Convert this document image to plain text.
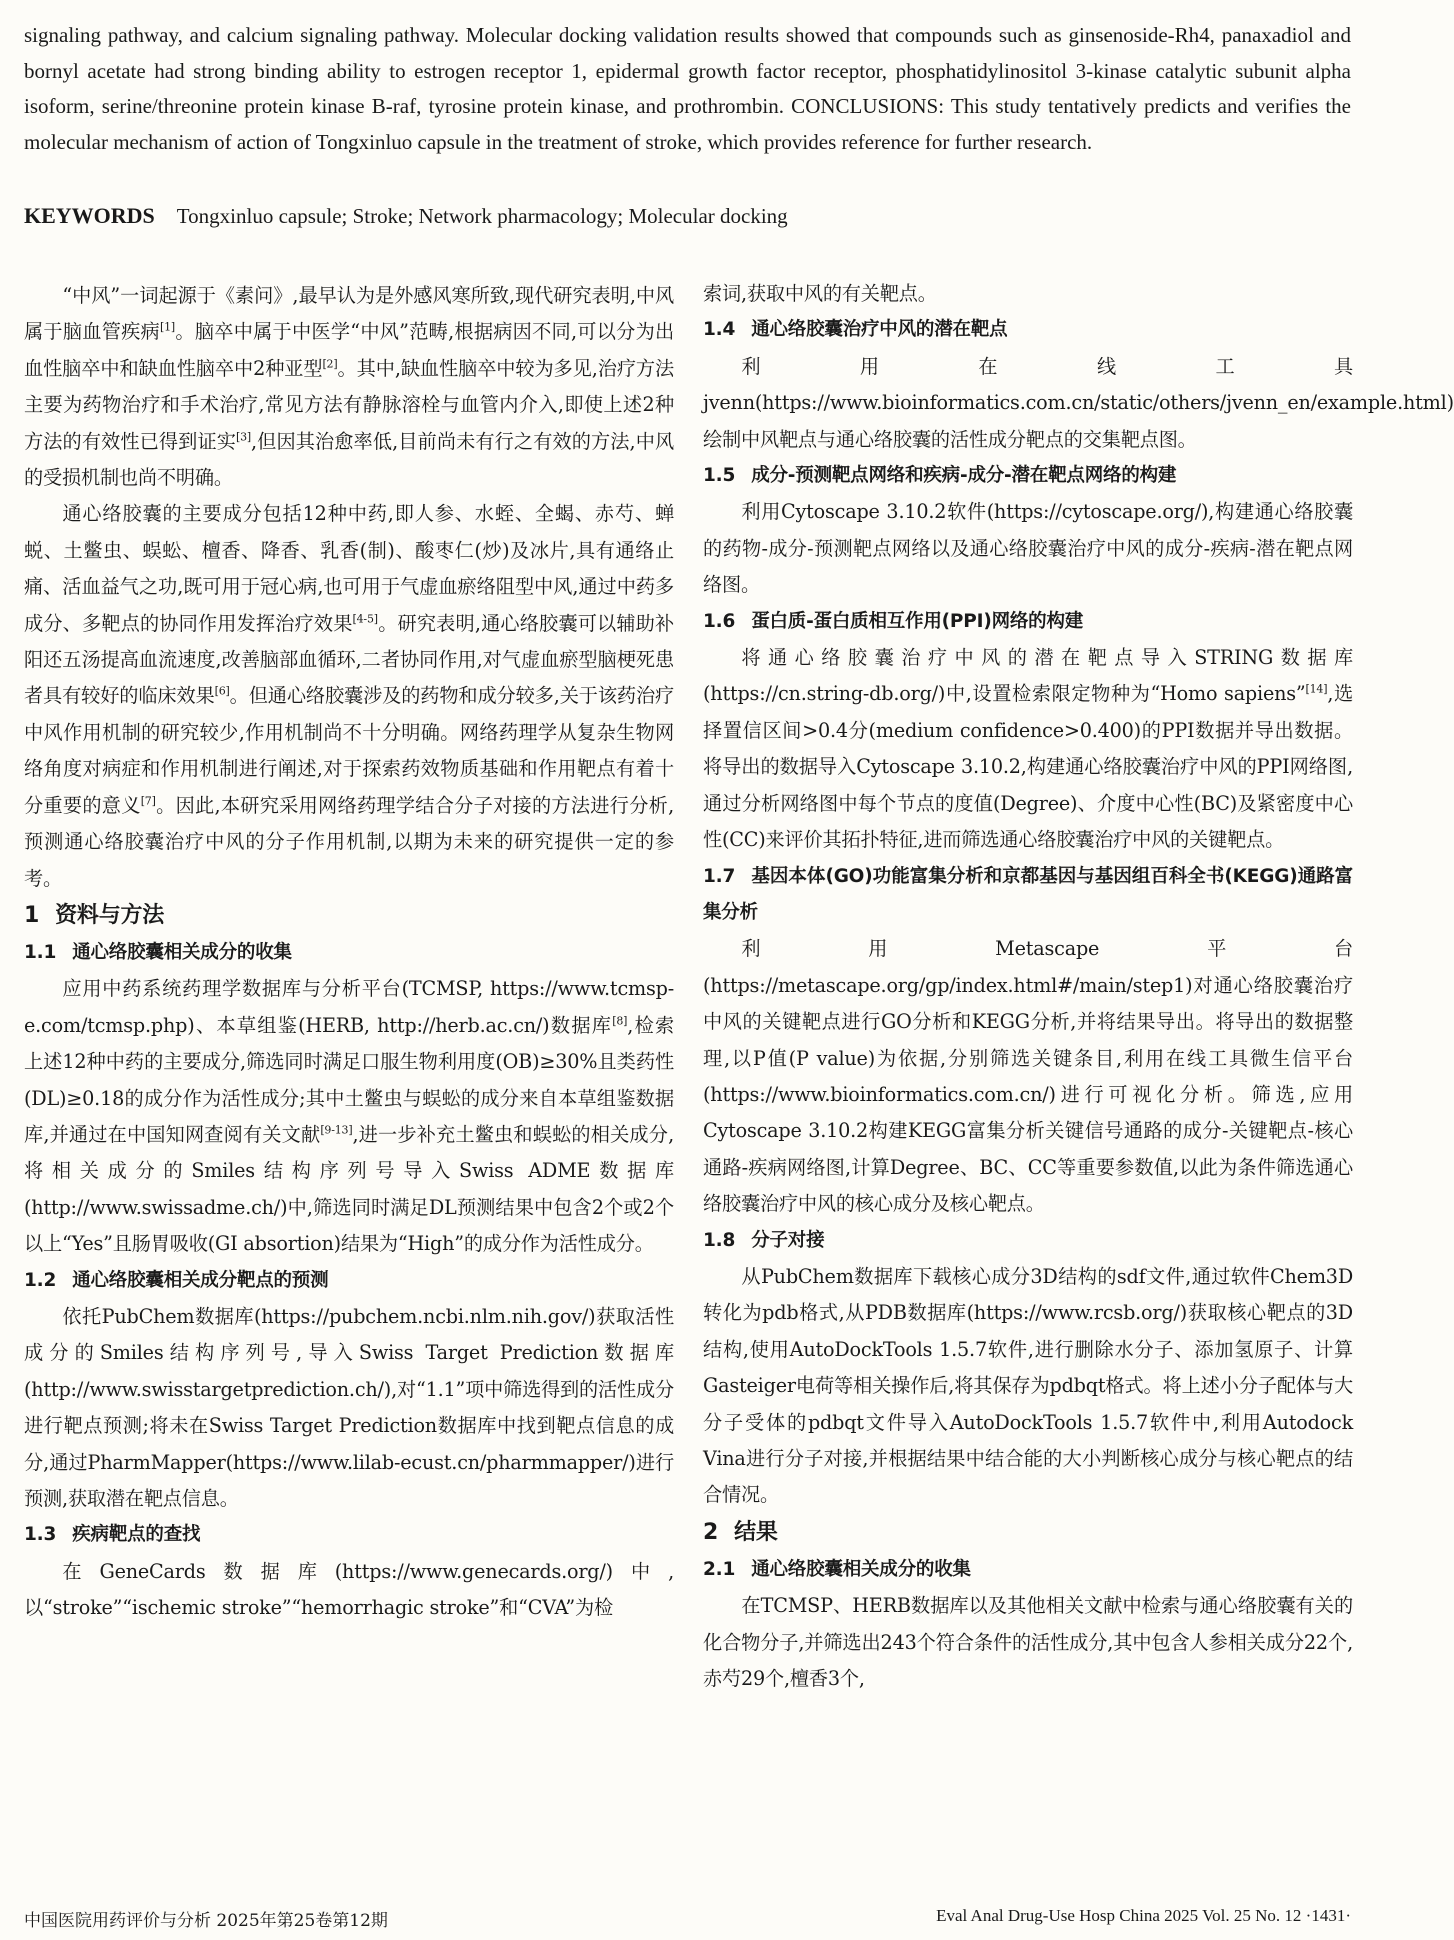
signaling pathway, and calcium signaling pathway. Molecular docking validation results showed that compounds such as ginsenoside-Rh4, panaxadiol and bornyl acetate had strong binding ability to estrogen receptor 1, epidermal growth factor receptor, phosphatidylinositol 3-kinase catalytic subunit alpha isoform, serine/threonine protein kinase B-raf, tyrosine protein kinase, and prothrombin. CONCLUSIONS: This study tentatively predicts and verifies the molecular mechanism of action of Tongxinluo capsule in the treatment of stroke, which provides reference for further research.
KEYWORDS Tongxinluo capsule; Stroke; Network pharmacology; Molecular docking

“中风”一词起源于《素问》,最早认为是外感风寒所致,现代研究表明,中风属于脑血管疾病[1]。脑卒中属于中医学“中风”范畴,根据病因不同,可以分为出血性脑卒中和缺血性脑卒中2种亚型[2]。其中,缺血性脑卒中较为多见,治疗方法主要为药物治疗和手术治疗,常见方法有静脉溶栓与血管内介入,即使上述2种方法的有效性已得到证实[3],但因其治愈率低,目前尚未有行之有效的方法,中风的受损机制也尚不明确。

通心络胶囊的主要成分包括12种中药,即人参、水蛭、全蝎、赤芍、蝉蜕、土鳖虫、蜈蚣、檀香、降香、乳香(制)、酸枣仁(炒)及冰片,具有通络止痛、活血益气之功,既可用于冠心病,也可用于气虚血瘀络阻型中风,通过中药多成分、多靶点的协同作用发挥治疗效果[4-5]。研究表明,通心络胶囊可以辅助补阳还五汤提高血流速度,改善脑部血循环,二者协同作用,对气虚血瘀型脑梗死患者具有较好的临床效果[6]。但通心络胶囊涉及的药物和成分较多,关于该药治疗中风作用机制的研究较少,作用机制尚不十分明确。网络药理学从复杂生物网络角度对病症和作用机制进行阐述,对于探索药效物质基础和作用靶点有着十分重要的意义[7]。因此,本研究采用网络药理学结合分子对接的方法进行分析,预测通心络胶囊治疗中风的分子作用机制,以期为未来的研究提供一定的参考。

1 资料与方法
1.1 通心络胶囊相关成分的收集

应用中药系统药理学数据库与分析平台(TCMSP, https://www.tcmsp-e.com/tcmsp.php)、本草组鉴(HERB, http://herb.ac.cn/)数据库[8],检索上述12种中药的主要成分,筛选同时满足口服生物利用度(OB)≥30%且类药性(DL)≥0.18的成分作为活性成分;其中土鳖虫与蜈蚣的成分来自本草组鉴数据库,并通过在中国知网查阅有关文献[9-13],进一步补充土鳖虫和蜈蚣的相关成分,将相关成分的Smiles结构序列号导入Swiss ADME数据库(http://www.swissadme.ch/)中,筛选同时满足DL预测结果中包含2个或2个以上“Yes”且肠胃吸收(GI absortion)结果为“High”的成分作为活性成分。

1.2 通心络胶囊相关成分靶点的预测

依托PubChem数据库(https://pubchem.ncbi.nlm.nih.gov/)获取活性成分的Smiles结构序列号,导入Swiss Target Prediction数据库(http://www.swisstargetprediction.ch/),对“1.1”项中筛选得到的活性成分进行靶点预测;将未在Swiss Target Prediction数据库中找到靶点信息的成分,通过PharmMapper(https://www.lilab-ecust.cn/pharmmapper/)进行预测,获取潜在靶点信息。

1.3 疾病靶点的查找

在GeneCards数据库(https://www.genecards.org/)中,以“stroke”“ischemic stroke”“hemorrhagic stroke”和“CVA”为检

索词,获取中风的有关靶点。

1.4 通心络胶囊治疗中风的潜在靶点

利用在线工具jvenn(https://www.bioinformatics.com.cn/static/others/jvenn_en/example.html)绘制中风靶点与通心络胶囊的活性成分靶点的交集靶点图。

1.5 成分-预测靶点网络和疾病-成分-潜在靶点网络的构建

利用Cytoscape 3.10.2软件(https://cytoscape.org/),构建通心络胶囊的药物-成分-预测靶点网络以及通心络胶囊治疗中风的成分-疾病-潜在靶点网络图。

1.6 蛋白质-蛋白质相互作用(PPI)网络的构建

将通心络胶囊治疗中风的潜在靶点导入STRING数据库(https://cn.string-db.org/)中,设置检索限定物种为“Homo sapiens”[14],选择置信区间>0.4分(medium confidence>0.400)的PPI数据并导出数据。将导出的数据导入Cytoscape 3.10.2,构建通心络胶囊治疗中风的PPI网络图,通过分析网络图中每个节点的度值(Degree)、介度中心性(BC)及紧密度中心性(CC)来评价其拓扑特征,进而筛选通心络胶囊治疗中风的关键靶点。

1.7 基因本体(GO)功能富集分析和京都基因与基因组百科全书(KEGG)通路富集分析

利用Metascape平台(https://metascape.org/gp/index.html#/main/step1)对通心络胶囊治疗中风的关键靶点进行GO分析和KEGG分析,并将结果导出。将导出的数据整理,以P值(P value)为依据,分别筛选关键条目,利用在线工具微生信平台(https://www.bioinformatics.com.cn/)进行可视化分析。筛选,应用Cytoscape 3.10.2构建KEGG富集分析关键信号通路的成分-关键靶点-核心通路-疾病网络图,计算Degree、BC、CC等重要参数值,以此为条件筛选通心络胶囊治疗中风的核心成分及核心靶点。

1.8 分子对接

从PubChem数据库下载核心成分3D结构的sdf文件,通过软件Chem3D转化为pdb格式,从PDB数据库(https://www.rcsb.org/)获取核心靶点的3D结构,使用AutoDockTools 1.5.7软件,进行删除水分子、添加氢原子、计算Gasteiger电荷等相关操作后,将其保存为pdbqt格式。将上述小分子配体与大分子受体的pdbqt文件导入AutoDockTools 1.5.7软件中,利用Autodock Vina进行分子对接,并根据结果中结合能的大小判断核心成分与核心靶点的结合情况。

2 结果
2.1 通心络胶囊相关成分的收集

在TCMSP、HERB数据库以及其他相关文献中检索与通心络胶囊有关的化合物分子,并筛选出243个符合条件的活性成分,其中包含人参相关成分22个,赤芍29个,檀香3个,

中国医院用药评价与分析 2025年第25卷第12期	Eval Anal Drug-Use Hosp China 2025 Vol. 25 No. 12 ·1431·
